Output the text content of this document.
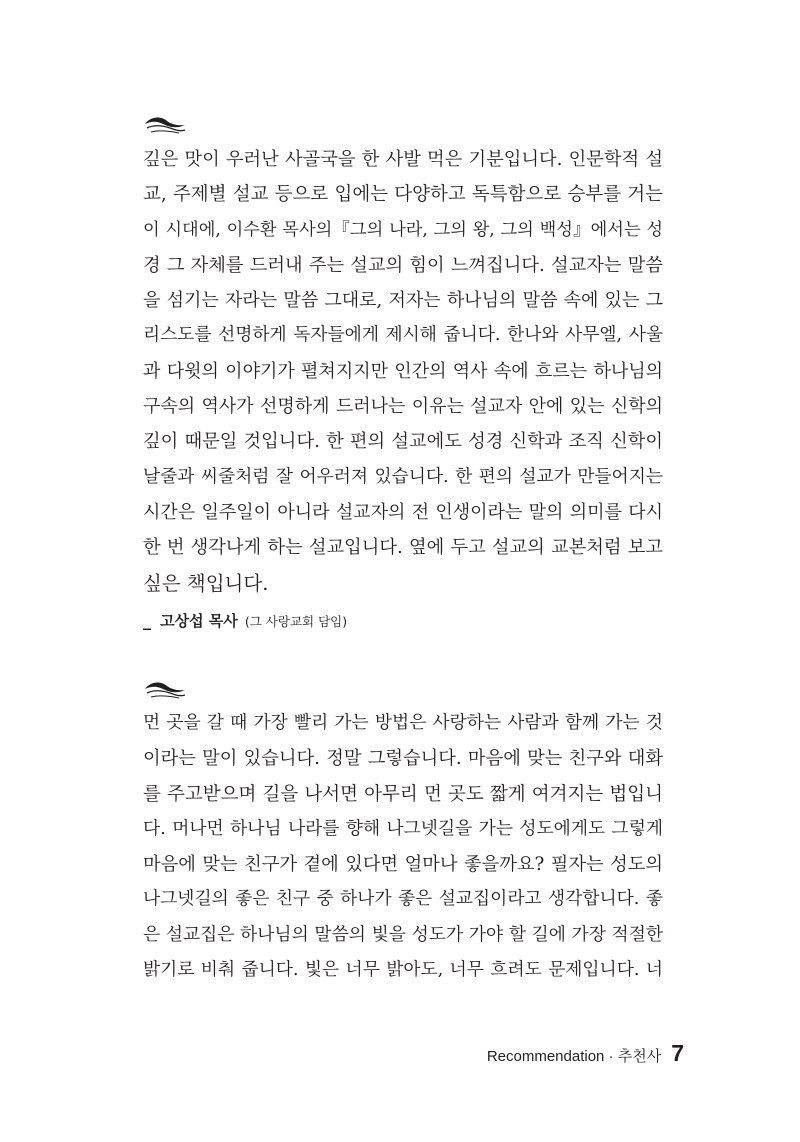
깊은 맛이 우러난 사골국을 한 사발 먹은 기분입니다. 인문학적 설
교, 주제별 설교 등으로 입에는 다양하고 독특함으로 승부를 거는
이 시대에, 이수환 목사의『그의 나라, 그의 왕, 그의 백성』에서는 성
경 그 자체를 드러내 주는 설교의 힘이 느껴집니다. 설교자는 말씀
을 섬기는 자라는 말씀 그대로, 저자는 하나님의 말씀 속에 있는 그
리스도를 선명하게 독자들에게 제시해 줍니다. 한나와 사무엘, 사울
과 다윗의 이야기가 펼쳐지지만 인간의 역사 속에 흐르는 하나님의
구속의 역사가 선명하게 드러나는 이유는 설교자 안에 있는 신학의
깊이 때문일 것입니다. 한 편의 설교에도 성경 신학과 조직 신학이
날줄과 씨줄처럼 잘 어우러져 있습니다. 한 편의 설교가 만들어지는
시간은 일주일이 아니라 설교자의 전 인생이라는 말의 의미를 다시
한 번 생각나게 하는 설교입니다. 옆에 두고 설교의 교본처럼 보고
싶은 책입니다.
_ 고상섭 목사 (그 사랑교회 담임)
먼 곳을 갈 때 가장 빨리 가는 방법은 사랑하는 사람과 함께 가는 것
이라는 말이 있습니다. 정말 그렇습니다. 마음에 맞는 친구와 대화
를 주고받으며 길을 나서면 아무리 먼 곳도 짧게 여겨지는 법입니
다. 머나먼 하나님 나라를 향해 나그넷길을 가는 성도에게도 그렇게
마음에 맞는 친구가 곁에 있다면 얼마나 좋을까요? 필자는 성도의
나그넷길의 좋은 친구 중 하나가 좋은 설교집이라고 생각합니다. 좋
은 설교집은 하나님의 말씀의 빛을 성도가 가야 할 길에 가장 적절한
밝기로 비춰 줍니다. 빛은 너무 밝아도, 너무 흐려도 문제입니다. 너
Recommendation · 추천사 7
